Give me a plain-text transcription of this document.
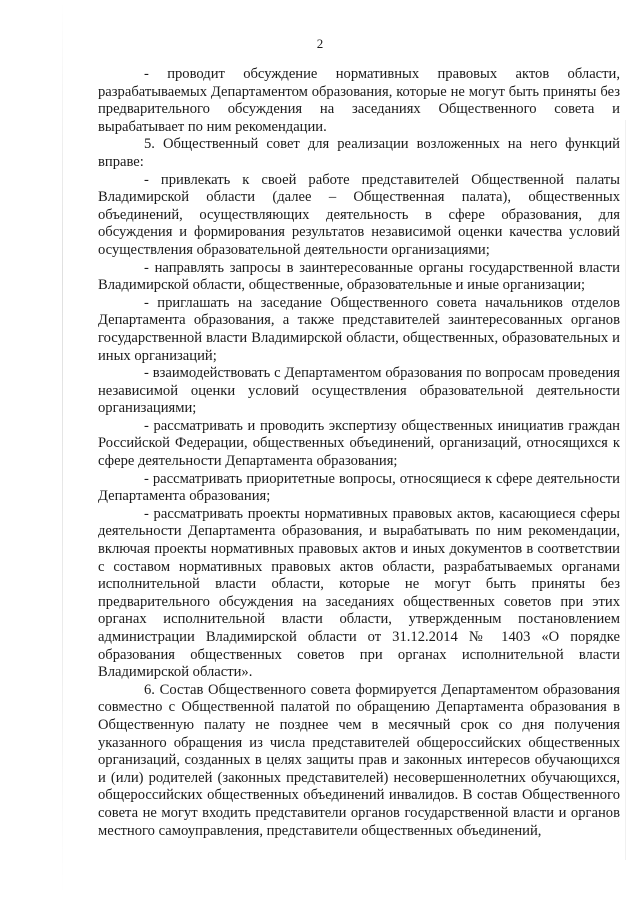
2

- проводит обсуждение нормативных правовых актов области, разрабатываемых Департаментом образования, которые не могут быть приняты без предварительного обсуждения на заседаниях Общественного совета и вырабатывает по ним рекомендации.

5. Общественный совет для реализации возложенных на него функций вправе:

- привлекать к своей работе представителей Общественной палаты Владимирской области (далее – Общественная палата), общественных объединений, осуществляющих деятельность в сфере образования, для обсуждения и формирования результатов независимой оценки качества условий осуществления образовательной деятельности организациями;

- направлять запросы в заинтересованные органы государственной власти Владимирской области, общественные, образовательные и иные организации;

- приглашать на заседание Общественного совета начальников отделов Департамента образования, а также представителей заинтересованных органов государственной власти Владимирской области, общественных, образовательных и иных организаций;

- взаимодействовать с Департаментом образования по вопросам проведения независимой оценки условий осуществления образовательной деятельности организациями;

- рассматривать и проводить экспертизу общественных инициатив граждан Российской Федерации, общественных объединений, организаций, относящихся к сфере деятельности Департамента образования;

- рассматривать приоритетные вопросы, относящиеся к сфере деятельности Департамента образования;

- рассматривать проекты нормативных правовых актов, касающиеся сферы деятельности Департамента образования, и вырабатывать по ним рекомендации, включая проекты нормативных правовых актов и иных документов в соответствии с составом нормативных правовых актов области, разрабатываемых органами исполнительной власти области, которые не могут быть приняты без предварительного обсуждения на заседаниях общественных советов при этих органах исполнительной власти области, утвержденным постановлением администрации Владимирской области от 31.12.2014 № 1403 «О порядке образования общественных советов при органах исполнительной власти Владимирской области».

6. Состав Общественного совета формируется Департаментом образования совместно с Общественной палатой по обращению Департамента образования в Общественную палату не позднее чем в месячный срок со дня получения указанного обращения из числа представителей общероссийских общественных организаций, созданных в целях защиты прав и законных интересов обучающихся и (или) родителей (законных представителей) несовершеннолетних обучающихся, общероссийских общественных объединений инвалидов. В состав Общественного совета не могут входить представители органов государственной власти и органов местного самоуправления, представители общественных объединений,
